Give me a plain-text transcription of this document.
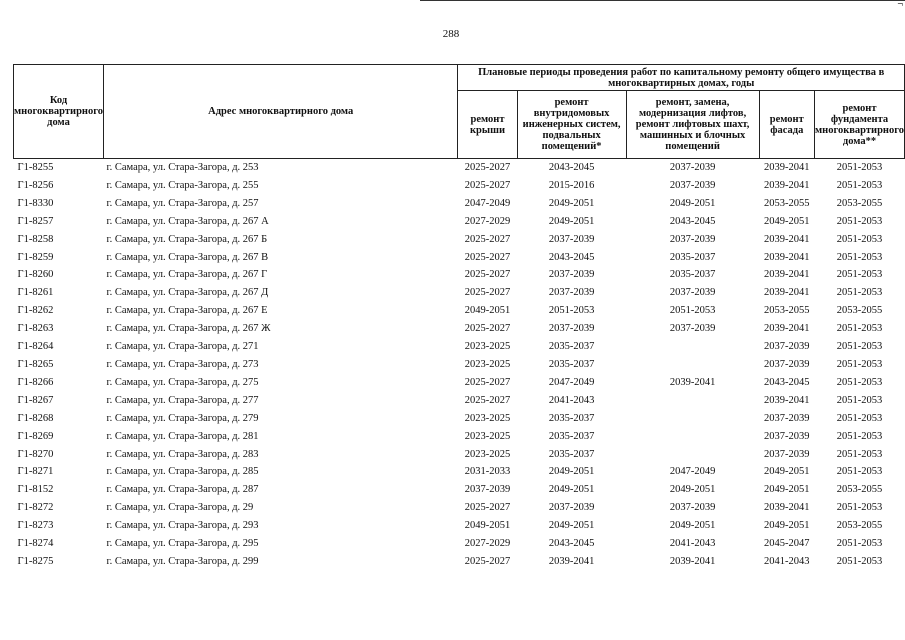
¬
288
Код многоквартирного дома	Адрес многоквартирного дома	Плановые периоды проведения работ по капитальному ремонту общего имущества в многоквартирных домах, годы				
		ремонт крыши	ремонт внутридомовых инженерных систем, подвальных помещений*	ремонт, замена, модернизация лифтов, ремонт лифтовых шахт, машинных и блочных помещений	ремонт фасада	ремонт фундамента многоквартирного дома**
Г1-8255	г. Самара, ул. Стара-Загора, д. 253	2025-2027	2043-2045	2037-2039	2039-2041	2051-2053
Г1-8256	г. Самара, ул. Стара-Загора, д. 255	2025-2027	2015-2016	2037-2039	2039-2041	2051-2053
Г1-8330	г. Самара, ул. Стара-Загора, д. 257	2047-2049	2049-2051	2049-2051	2053-2055	2053-2055
Г1-8257	г. Самара, ул. Стара-Загора, д. 267 А	2027-2029	2049-2051	2043-2045	2049-2051	2051-2053
Г1-8258	г. Самара, ул. Стара-Загора, д. 267 Б	2025-2027	2037-2039	2037-2039	2039-2041	2051-2053
Г1-8259	г. Самара, ул. Стара-Загора, д. 267 В	2025-2027	2043-2045	2035-2037	2039-2041	2051-2053
Г1-8260	г. Самара, ул. Стара-Загора, д. 267 Г	2025-2027	2037-2039	2035-2037	2039-2041	2051-2053
Г1-8261	г. Самара, ул. Стара-Загора, д. 267 Д	2025-2027	2037-2039	2037-2039	2039-2041	2051-2053
Г1-8262	г. Самара, ул. Стара-Загора, д. 267 Е	2049-2051	2051-2053	2051-2053	2053-2055	2053-2055
Г1-8263	г. Самара, ул. Стара-Загора, д. 267 Ж	2025-2027	2037-2039	2037-2039	2039-2041	2051-2053
Г1-8264	г. Самара, ул. Стара-Загора, д. 271	2023-2025	2035-2037		2037-2039	2051-2053
Г1-8265	г. Самара, ул. Стара-Загора, д. 273	2023-2025	2035-2037		2037-2039	2051-2053
Г1-8266	г. Самара, ул. Стара-Загора, д. 275	2025-2027	2047-2049	2039-2041	2043-2045	2051-2053
Г1-8267	г. Самара, ул. Стара-Загора, д. 277	2025-2027	2041-2043		2039-2041	2051-2053
Г1-8268	г. Самара, ул. Стара-Загора, д. 279	2023-2025	2035-2037		2037-2039	2051-2053
Г1-8269	г. Самара, ул. Стара-Загора, д. 281	2023-2025	2035-2037		2037-2039	2051-2053
Г1-8270	г. Самара, ул. Стара-Загора, д. 283	2023-2025	2035-2037		2037-2039	2051-2053
Г1-8271	г. Самара, ул. Стара-Загора, д. 285	2031-2033	2049-2051	2047-2049	2049-2051	2051-2053
Г1-8152	г. Самара, ул. Стара-Загора, д. 287	2037-2039	2049-2051	2049-2051	2049-2051	2053-2055
Г1-8272	г. Самара, ул. Стара-Загора, д. 29	2025-2027	2037-2039	2037-2039	2039-2041	2051-2053
Г1-8273	г. Самара, ул. Стара-Загора, д. 293	2049-2051	2049-2051	2049-2051	2049-2051	2053-2055
Г1-8274	г. Самара, ул. Стара-Загора, д. 295	2027-2029	2043-2045	2041-2043	2045-2047	2051-2053
Г1-8275	г. Самара, ул. Стара-Загора, д. 299	2025-2027	2039-2041	2039-2041	2041-2043	2051-2053
